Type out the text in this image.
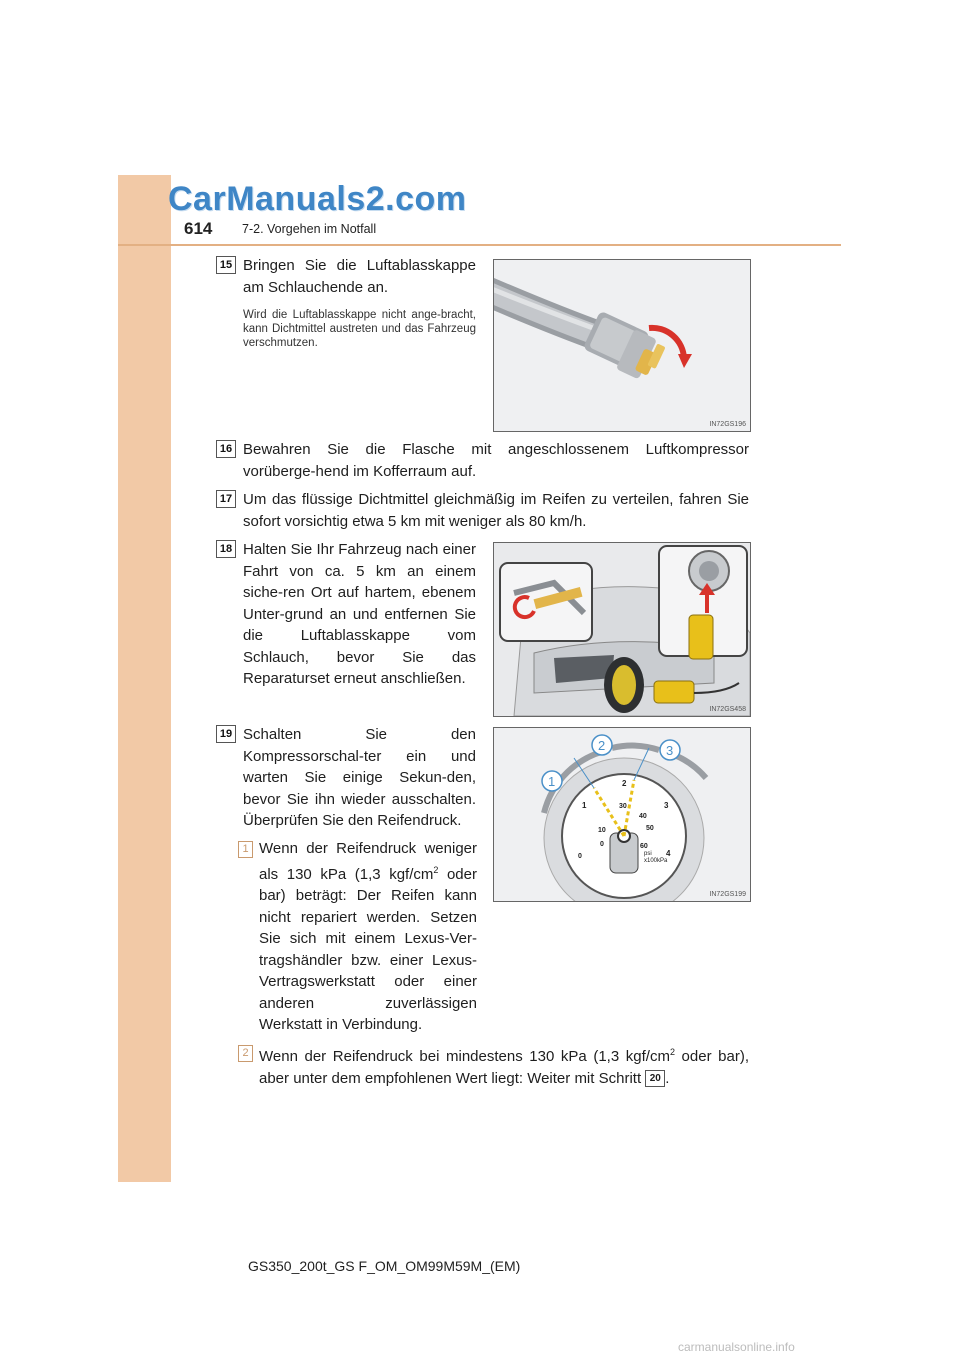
CarManuals2.com
614 7-2. Vorgehen im Notfall
15 Bringen Sie die Luftablasskappe am Schlauchende an.
Wird die Luftablasskappe nicht ange-bracht, kann Dichtmittel austreten und das Fahrzeug verschmutzen.
IN72GS196
16 Bewahren Sie die Flasche mit angeschlossenem Luftkompressor vorüberge-hend im Kofferraum auf.
17 Um das flüssige Dichtmittel gleichmäßig im Reifen zu verteilen, fahren Sie sofort vorsichtig etwa 5 km mit weniger als 80 km/h.
18 Halten Sie Ihr Fahrzeug nach einer Fahrt von ca. 5 km an einem siche-ren Ort auf hartem, ebenem Unter-grund an und entfernen Sie die Luftablasskappe vom Schlauch, bevor Sie das Reparaturset erneut anschließen.
IN72GS458
19 Schalten Sie den Kompressorschal-ter ein und warten Sie einige Sekun-den, bevor Sie ihn wieder ausschalten. Überprüfen Sie den Reifendruck.
1
2
3
4
10
0
30
40
50
60
0	psi
x100kPa
1
2	3
IN72GS199
1 Wenn der Reifendruck weniger als 130 kPa (1,3 kgf/$cm^2$ oder bar) beträgt: Der Reifen kann nicht repariert werden. Setzen Sie sich mit einem Lexus-Ver-tragshändler bzw. einer Lexus-Vertragswerkstatt oder einer anderen zuverlässigen Werkstatt in Verbindung.
2 Wenn der Reifendruck bei mindestens 130 kPa (1,3 kgf/$cm^2$ oder bar), aber unter dem empfohlenen Wert liegt: Weiter mit Schritt 20 .
GS350_200t_GS F_OM_OM99M59M_(EM)
carmanualsonline.info
